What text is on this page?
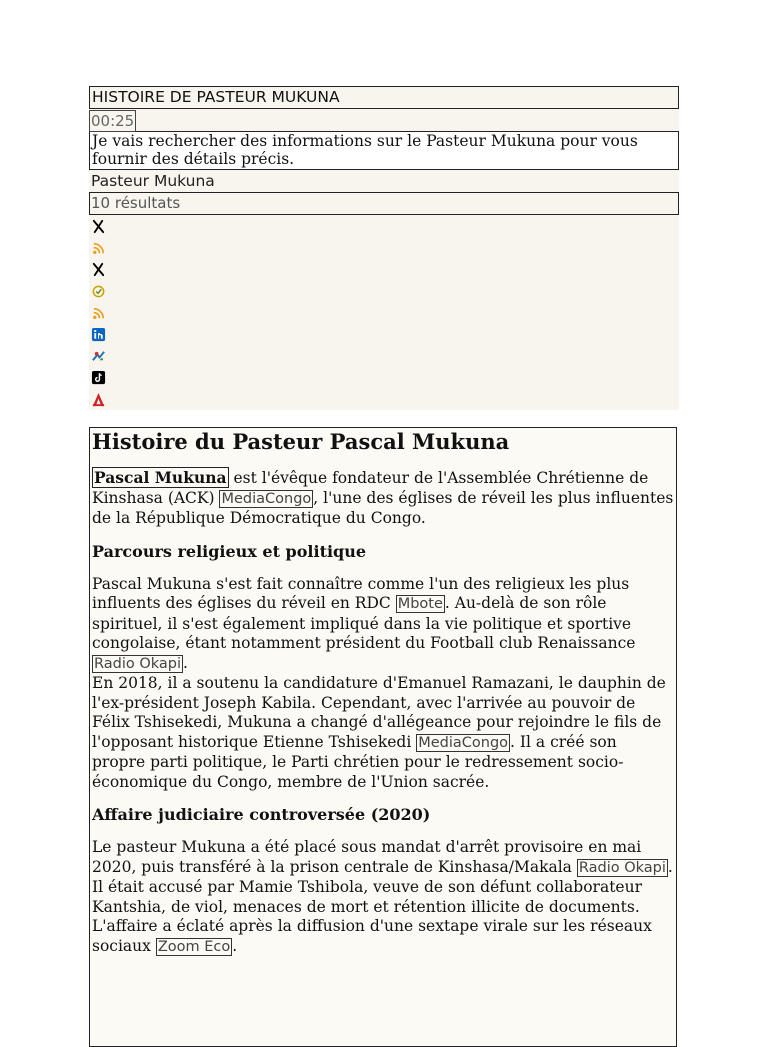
HISTOIRE DE PASTEUR MUKUNA
00:25
Je vais rechercher des informations sur le Pasteur Mukuna pour vous fournir des détails précis.
Pasteur Mukuna
10 résultats
Histoire du Pasteur Pascal Mukuna

Pascal Mukuna est l'évêque fondateur de l'Assemblée Chrétienne de Kinshasa (ACK) MediaCongo , l'une des églises de réveil les plus influentes de la République Démocratique du Congo.

Parcours religieux et politique

Pascal Mukuna s'est fait connaître comme l'un des religieux les plus influents des églises du réveil en RDC Mbote . Au-delà de son rôle spirituel, il s'est également impliqué dans la vie politique et sportive congolaise, étant notamment président du Football club Renaissance Radio Okapi .

En 2018, il a soutenu la candidature d'Emanuel Ramazani, le dauphin de l'ex-président Joseph Kabila. Cependant, avec l'arrivée au pouvoir de Félix Tshisekedi, Mukuna a changé d'allégeance pour rejoindre le fils de l'opposant historique Etienne Tshisekedi MediaCongo . Il a créé son propre parti politique, le Parti chrétien pour le redressement socio-économique du Congo, membre de l'Union sacrée.

Affaire judiciaire controversée (2020)

Le pasteur Mukuna a été placé sous mandat d'arrêt provisoire en mai 2020, puis transféré à la prison centrale de Kinshasa/Makala Radio Okapi . Il était accusé par Mamie Tshibola, veuve de son défunt collaborateur Kantshia, de viol, menaces de mort et rétention illicite de documents. L'affaire a éclaté après la diffusion d'une sextape virale sur les réseaux sociaux Zoom Eco .
